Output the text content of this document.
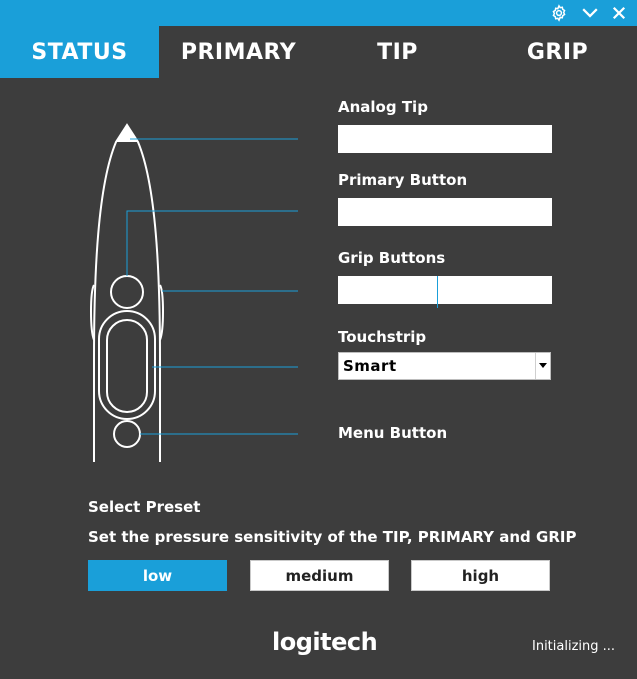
STATUS	PRIMARY	TIP	GRIP
Analog Tip
Primary Button
Grip Buttons
Touchstrip
Smart
Menu Button
Select Preset
Set the pressure sensitivity of the TIP, PRIMARY and GRIP
low	medium	high
logitech	Initializing ...
